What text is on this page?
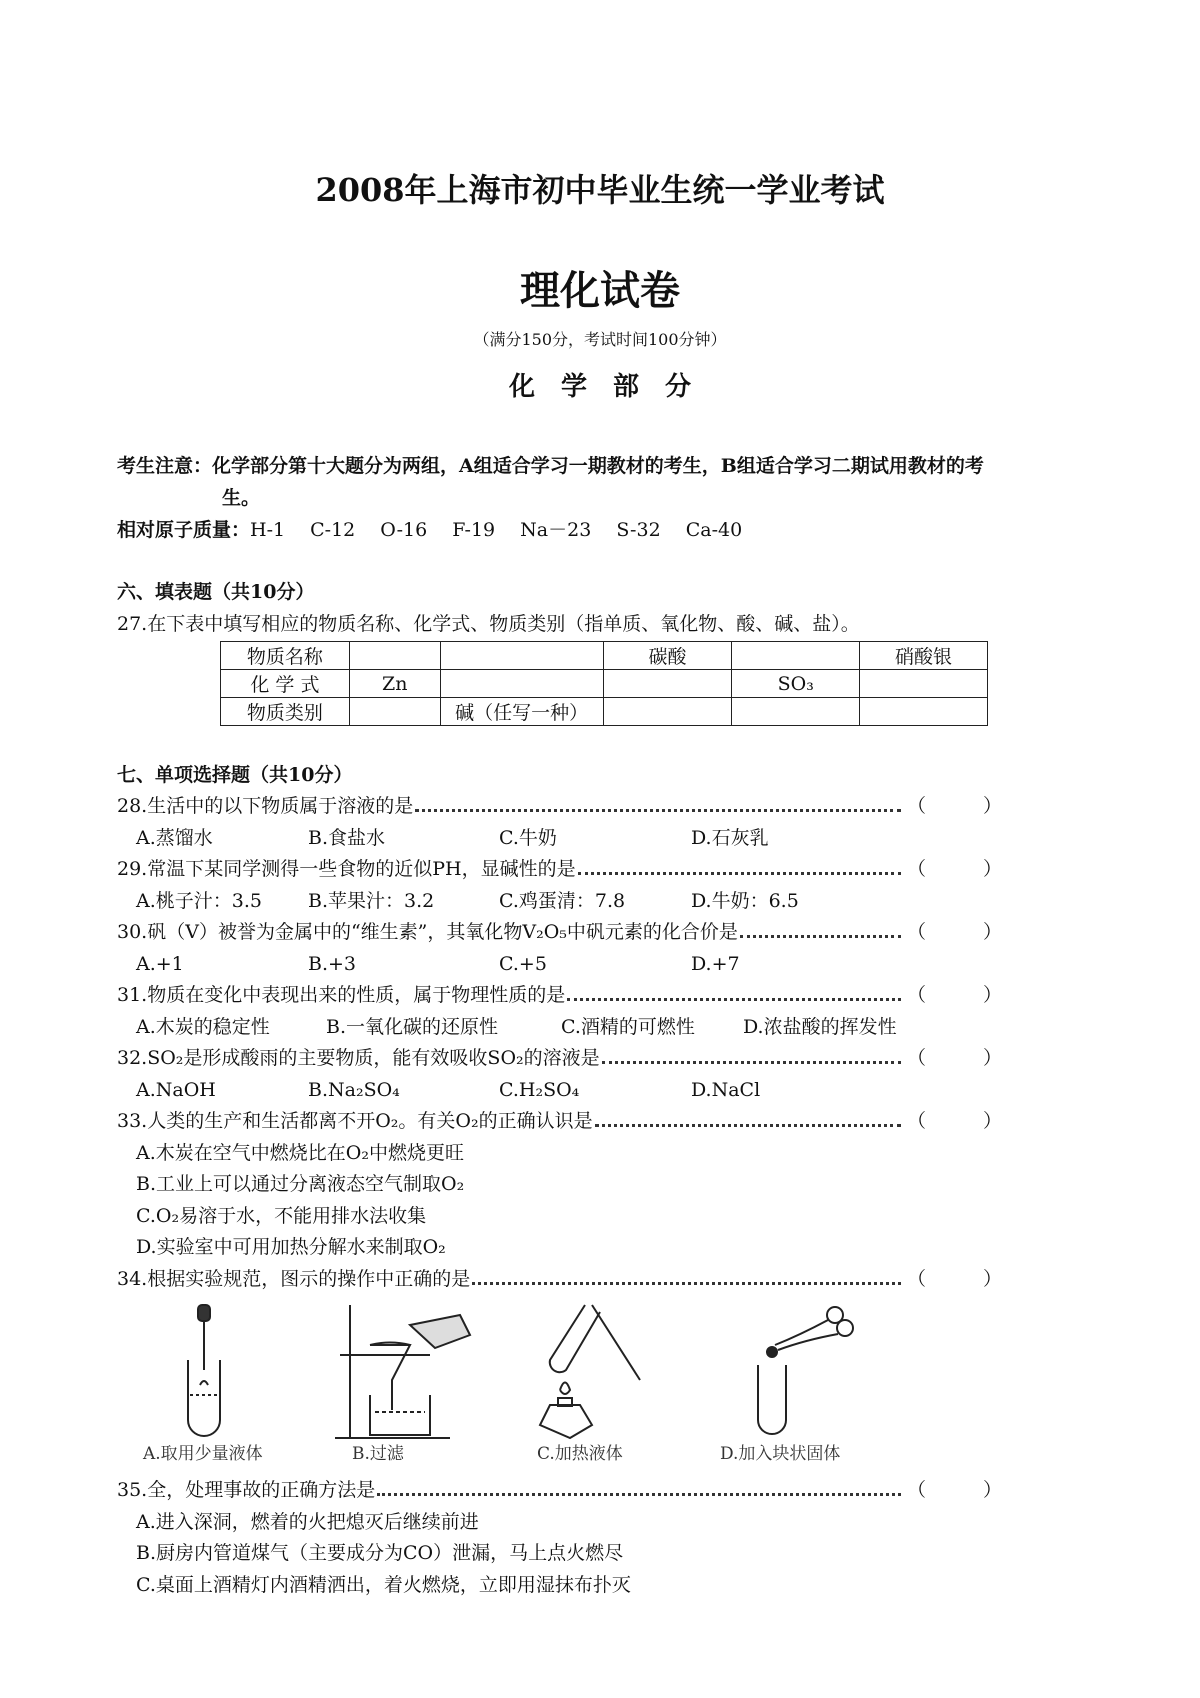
2008年上海市初中毕业生统一学业考试
理化试卷
（满分150分，考试时间100分钟）
化　学　部　分
考生注意：化学部分第十大题分为两组，A组适合学习一期教材的考生，B组适合学习二期试用教材的考
生。
相对原子质量：H-1　 C-12　 O-16　 F-19　 Na－23　 S-32　 Ca-40
六、填表题（共10分）
27.在下表中填写相应的物质名称、化学式、物质类别（指单质、氧化物、酸、碱、盐）。
物质名称			碳酸		硝酸银
化 学 式	Zn			SO₃	
物质类别		碱（任写一种）			
七、单项选择题（共10分）
28.生活中的以下物质属于溶液的是	（　　　）
A.蒸馏水	B.食盐水	C.牛奶	D.石灰乳
29.常温下某同学测得一些食物的近似PH，显碱性的是	（　　　）
A.桃子汁：3.5 B.苹果汁：3.2	C.鸡蛋清：7.8	D.牛奶：6.5
30.矾（V）被誉为金属中的“维生素”，其氧化物V₂O₅中矾元素的化合价是	（　　　）
A.+1	B.+3	C.+5	D.+7
31.物质在变化中表现出来的性质，属于物理性质的是	（　　　）
A.木炭的稳定性	B.一氧化碳的还原性	C.酒精的可燃性	D.浓盐酸的挥发性
32.SO₂是形成酸雨的主要物质，能有效吸收SO₂的溶液是	（　　　）
A.NaOH	B.Na₂SO₄	C.H₂SO₄	D.NaCl
33.人类的生产和生活都离不开O₂。有关O₂的正确认识是	（　　　）
A.木炭在空气中燃烧比在O₂中燃烧更旺
B.工业上可以通过分离液态空气制取O₂
C.O₂易溶于水，不能用排水法收集
D.实验室中可用加热分解水来制取O₂
34.根据实验规范，图示的操作中正确的是	（　　　）
A.取用少量液体	B.过滤	C.加热液体	D.加入块状固体
35. 全，处理事故的正确方法是	（　　　）
A.进入深洞，燃着的火把熄灭后继续前进
B.厨房内管道煤气（主要成分为CO）泄漏，马上点火燃尽
C.桌面上酒精灯内酒精洒出，着火燃烧，立即用湿抹布扑灭
